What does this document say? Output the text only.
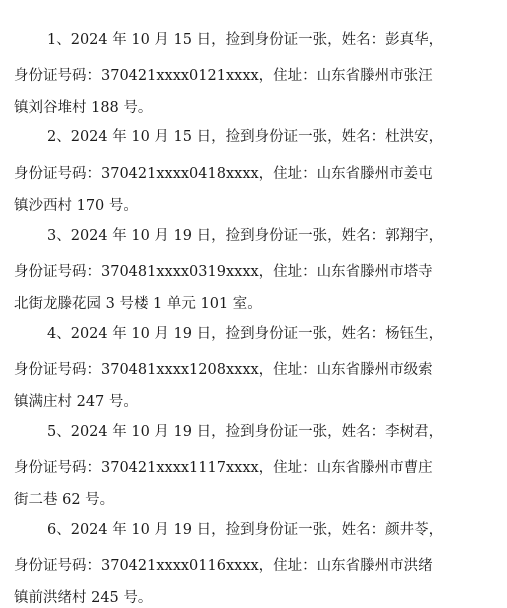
1、2024 年 10 月 15 日，捡到身份证一张，姓名：彭真华，
身份证号码：370421xxxx0121xxxx，住址：山东省滕州市张汪
镇刘谷堆村 188 号。
2、2024 年 10 月 15 日，捡到身份证一张，姓名：杜洪安，
身份证号码：370421xxxx0418xxxx，住址：山东省滕州市姜屯
镇沙西村 170 号。
3、2024 年 10 月 19 日，捡到身份证一张，姓名：郭翔宇，
身份证号码：370481xxxx0319xxxx，住址：山东省滕州市塔寺
北街龙滕花园 3 号楼 1 单元 101 室。
4、2024 年 10 月 19 日，捡到身份证一张，姓名：杨钰生，
身份证号码：370481xxxx1208xxxx，住址：山东省滕州市级索
镇满庄村 247 号。
5、2024 年 10 月 19 日，捡到身份证一张，姓名：李树君，
身份证号码：370421xxxx1117xxxx，住址：山东省滕州市曹庄
街二巷 62 号。
6、2024 年 10 月 19 日，捡到身份证一张，姓名：颜井苓，
身份证号码：370421xxxx0116xxxx，住址：山东省滕州市洪绪
镇前洪绪村 245 号。
